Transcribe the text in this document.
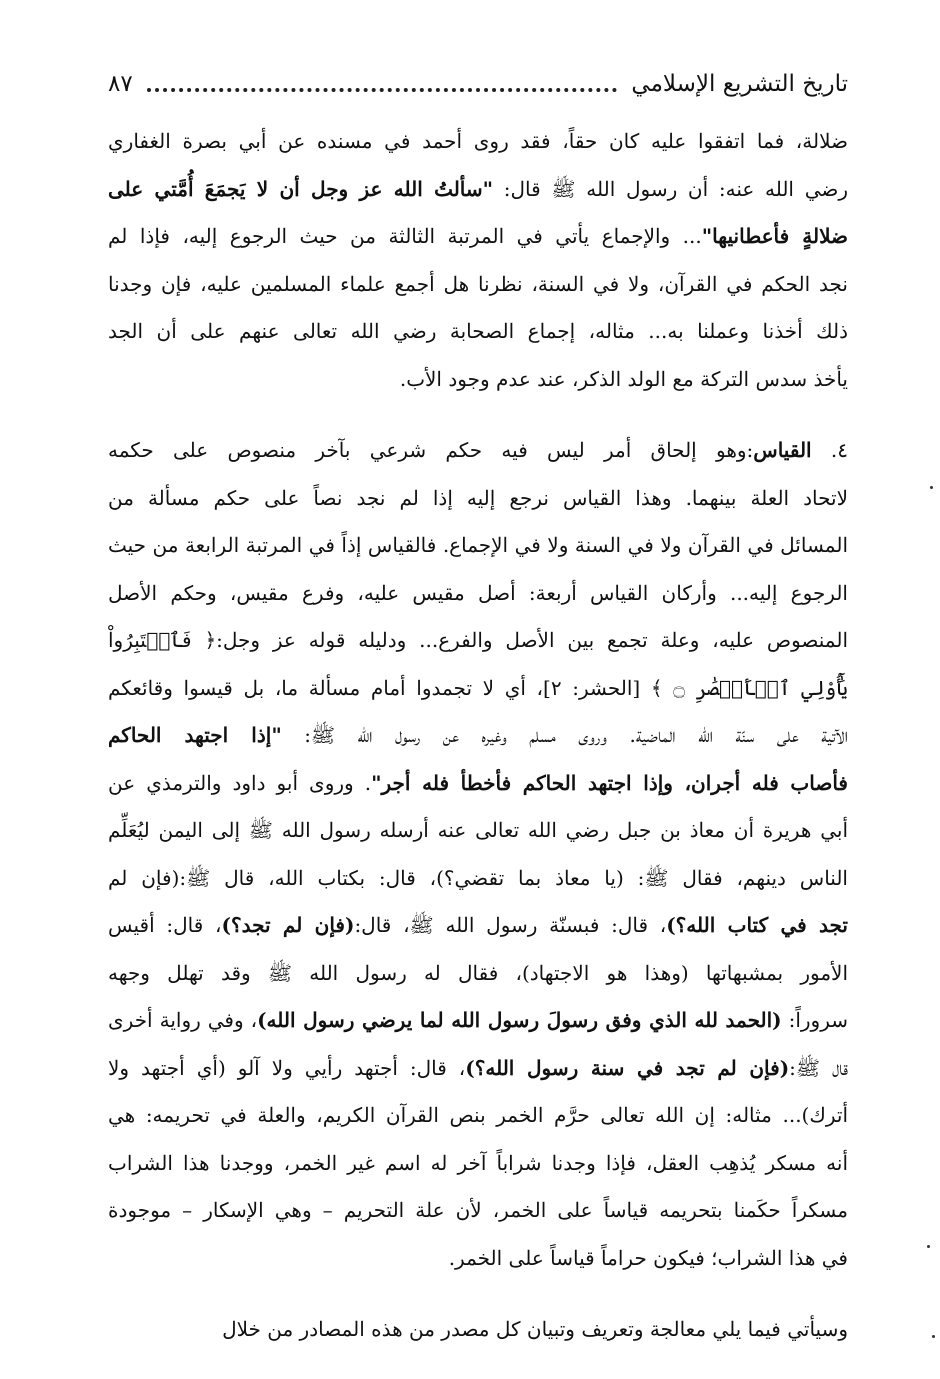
تاريخ التشريع الإسلامي
٨٧
ضلالة، فما اتفقوا عليه كان حقاً، فقد روى أحمد في مسنده عن أبي بصرة الغفاري
رضي الله عنه: أن رسول الله ﷺ قال: "سألتُ الله عز وجل أن لا يَجمَعَ أُمَّتي على
ضلالةٍ فأعطانيها"... والإجماع يأتي في المرتبة الثالثة من حيث الرجوع إليه، فإذا لم
نجد الحكم في القرآن، ولا في السنة، نظرنا هل أجمع علماء المسلمين عليه، فإن وجدنا
ذلك أخذنا وعملنا به... مثاله، إجماع الصحابة رضي الله تعالى عنهم على أن الجد
يأخذ سدس التركة مع الولد الذكر، عند عدم وجود الأب.
٤. القياس:وهو إلحاق أمر ليس فيه حكم شرعي بآخر منصوص على حكمه
لاتحاد العلة بينهما. وهذا القياس نرجع إليه إذا لم نجد نصاً على حكم مسألة من
المسائل في القرآن ولا في السنة ولا في الإجماع. فالقياس إذاً في المرتبة الرابعة من حيث
الرجوع إليه... وأركان القياس أربعة: أصل مقيس عليه، وفرع مقيس، وحكم الأصل
المنصوص عليه، وعلة تجمع بين الأصل والفرع... ودليله قوله عز وجل:﴿ فَٱعۡتَبِرُواْ
يَٰٓأُوْلِي ٱلۡأَبۡصَٰرِ ۝ ﴾ [الحشر: ٢]، أي لا تجمدوا أمام مسألة ما، بل قيسوا وقائعكم
الآتية على سنّة الله الماضية. وروى مسلم وغيره عن رسول الله ﷺ: "إذا اجتهد الحاكم
فأصاب فله أجران، وإذا اجتهد الحاكم فأخطأ فله أجر". وروى أبو داود والترمذي عن
أبي هريرة أن معاذ بن جبل رضي الله تعالى عنه أرسله رسول الله ﷺ إلى اليمن ليُعَلِّم
الناس دينهم، فقال ﷺ: (يا معاذ بما تقضي؟)، قال: بكتاب الله، قال ﷺ:(فإن لم
تجد في كتاب الله؟)، قال: فبسنّة رسول الله ﷺ، قال:(فإن لم تجد؟)، قال: أقيس
الأمور بمشبهاتها (وهذا هو الاجتهاد)، فقال له رسول الله ﷺ وقد تهلل وجهه
سروراً: (الحمد لله الذي وفق رسولَ رسول الله لما يرضي رسول الله)، وفي رواية أخرى
قال ﷺ:(فإن لم تجد في سنة رسول الله؟)، قال: أجتهد رأيي ولا آلو (أي أجتهد ولا
أترك)... مثاله: إن الله تعالى حرَّم الخمر بنص القرآن الكريم، والعلة في تحريمه: هي
أنه مسكر يُذهِب العقل، فإذا وجدنا شراباً آخر له اسم غير الخمر، ووجدنا هذا الشراب
مسكراً حكَمنا بتحريمه قياساً على الخمر، لأن علة التحريم – وهي الإسكار – موجودة
في هذا الشراب؛ فيكون حراماً قياساً على الخمر.
وسيأتي فيما يلي معالجة وتعريف وتبيان كل مصدر من هذه المصادر من خلال
